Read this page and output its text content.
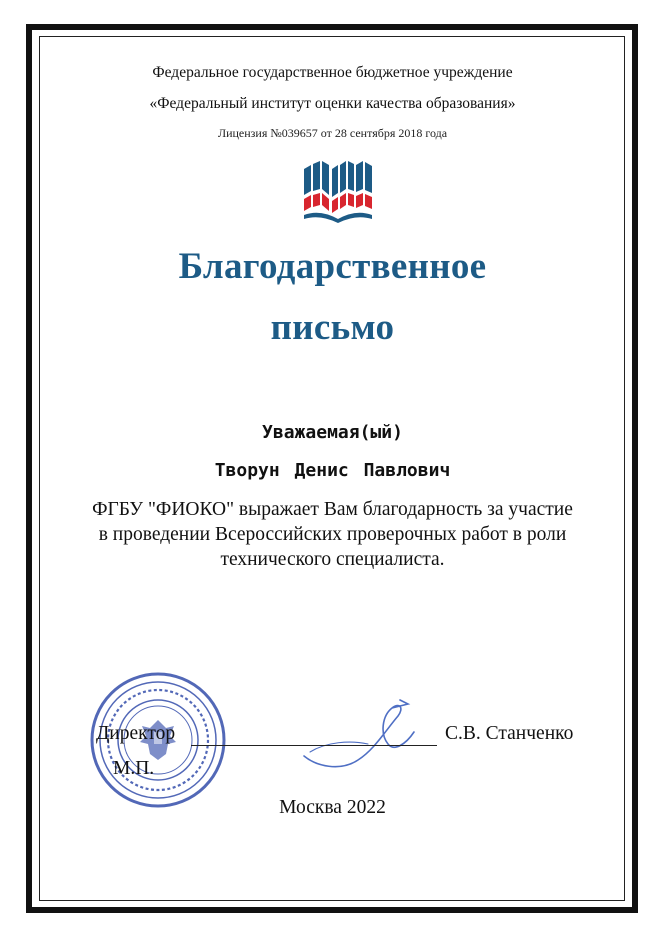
Федеральное государственное бюджетное учреждение
«Федеральный институт оценки качества образования»
Лицензия №039657 от 28 сентября 2018 года
Благодарственное
письмо
Уважаемая(ый)
Творун Денис Павлович
ФГБУ "ФИОКО" выражает Вам благодарность за участие
в проведении Всероссийских проверочных работ в роли
технического специалиста.
Директор	С.В. Станченко
М.П.
Москва 2022
